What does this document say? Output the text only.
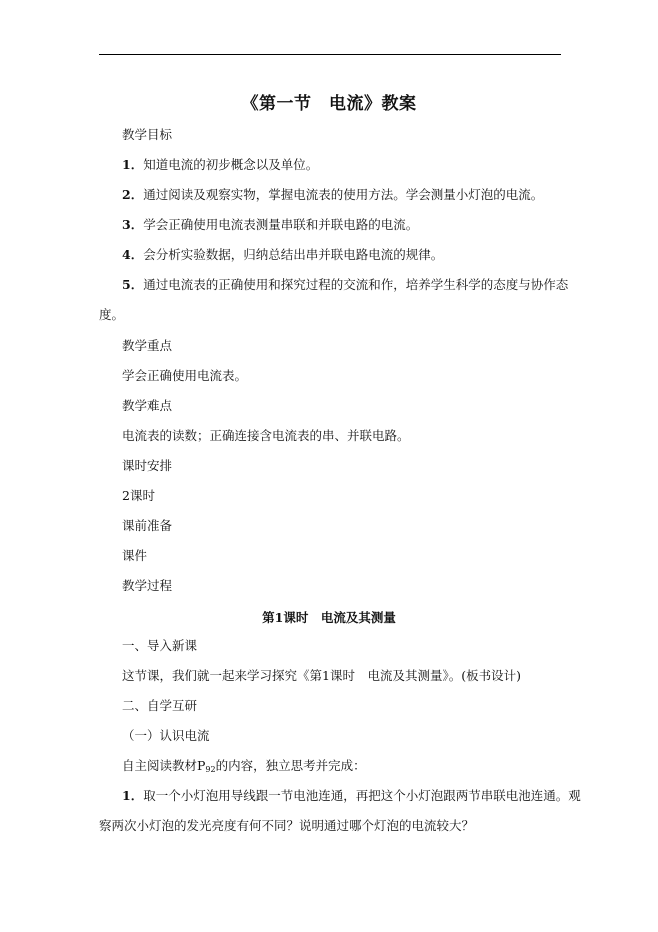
《第一节　电流》教案
教学目标
1．知道电流的初步概念以及单位。
2．通过阅读及观察实物，掌握电流表的使用方法。学会测量小灯泡的电流。
3．学会正确使用电流表测量串联和并联电路的电流。
4．会分析实验数据，归纳总结出串并联电路电流的规律。
5．通过电流表的正确使用和探究过程的交流和作，培养学生科学的态度与协作态
度。
教学重点
学会正确使用电流表。
教学难点
电流表的读数；正确连接含电流表的串、并联电路。
课时安排
2课时
课前准备
课件
教学过程
第1课时　电流及其测量
一、导入新课
这节课，我们就一起来学习探究《第1课时　电流及其测量》。(板书设计)
二、自学互研
（一）认识电流
自主阅读教材$P_{92}$的内容，独立思考并完成：
1．取一个小灯泡用导线跟一节电池连通，再把这个小灯泡跟两节串联电池连通。观
察两次小灯泡的发光亮度有何不同？说明通过哪个灯泡的电流较大？
